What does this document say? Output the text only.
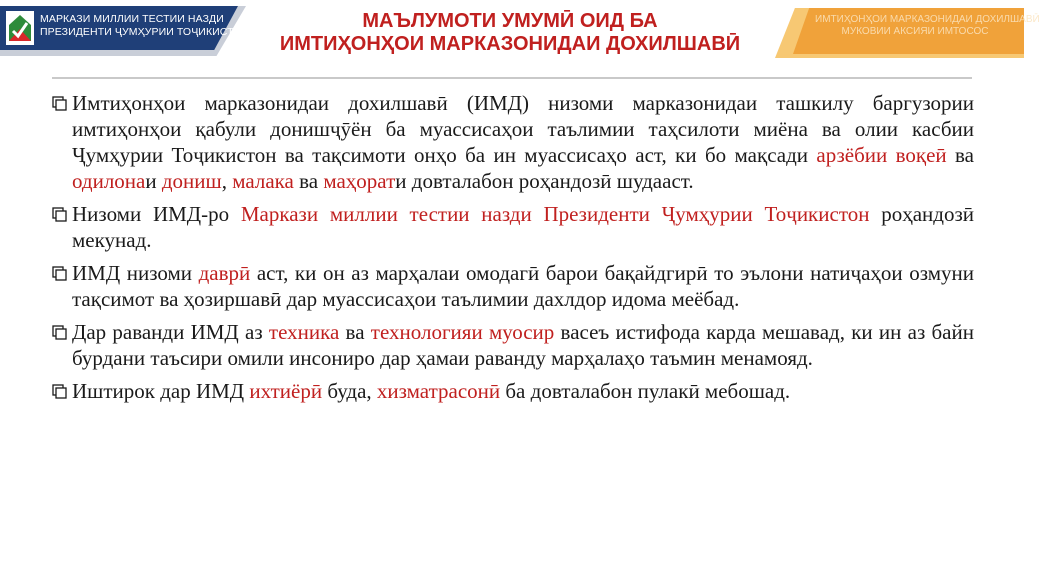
МАРКАЗИ МИЛЛИИ ТЕСТИИ НАЗДИ
ПРЕЗИДЕНТИ ҶУМҲУРИИ ТОҶИКИСТОН	МАЪЛУМОТИ УМУМӢ ОИД БА
ИМТИҲОНҲОИ МАРКАЗОНИДАИ ДОХИЛШАВӢ
ИМТИҲОНҲОИ МАРКАЗОНИДАИ ДОХИЛШАВӢ
МУКОВИИ АКСИЯИ ИМТОСОС
Имтиҳонҳои марказонидаи дохилшавӣ (ИМД) низоми марказонидаи ташкилу баргузории имтиҳонҳои қабули донишҷӯён ба муассисаҳои таълимии таҳсилоти миёна ва олии касбии Ҷумҳурии Тоҷикистон ва тақсимоти онҳо ба ин муассисаҳо аст, ки бо мақсади арзёбии воқеӣ ва одилонаи дониш, малака ва маҳорати довталабон роҳандозӣ шудааст.
Низоми ИМД-ро Маркази миллии тестии назди Президенти Ҷумҳурии Тоҷикистон роҳандозӣ мекунад.
ИМД низоми даврӣ аст, ки он аз марҳалаи омодагӣ барои бақайдгирӣ то эълони натиҷаҳои озмуни тақсимот ва ҳозиршавӣ дар муассисаҳои таълимии дахлдор идома меёбад.
Дар раванди ИМД аз техника ва технологияи муосир васеъ истифода карда мешавад, ки ин аз байн бурдани таъсири омили инсониро дар ҳамаи раванду марҳалаҳо таъмин менамояд.
Иштирок дар ИМД ихтиёрӣ буда, хизматрасонӣ ба довталабон пулакӣ мебошад.
